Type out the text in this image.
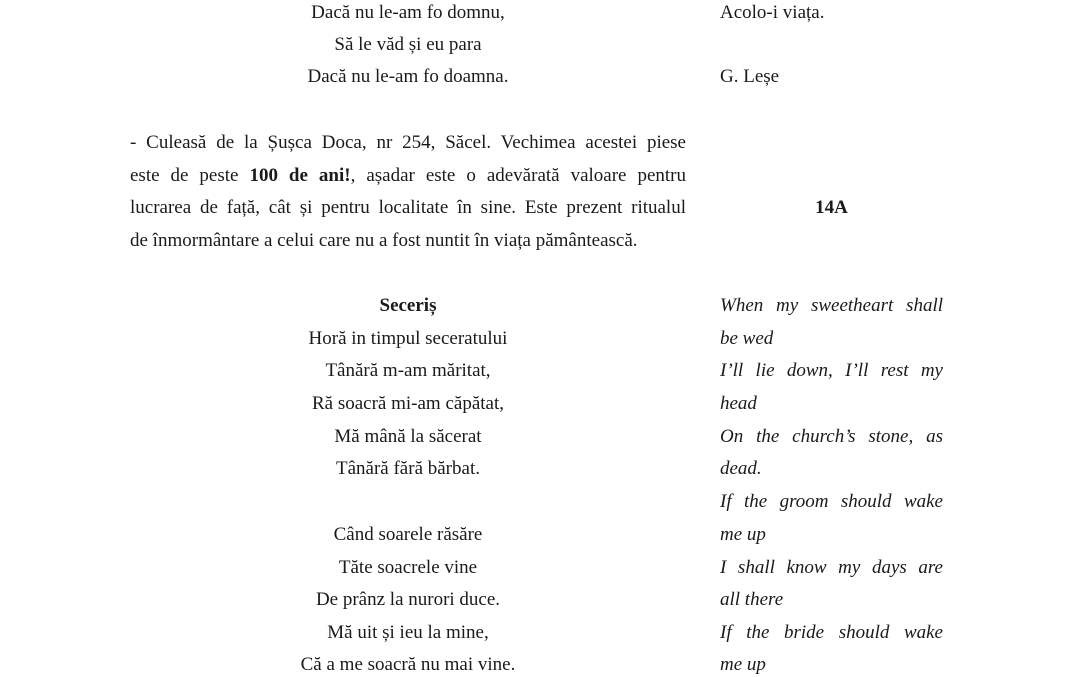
Dacă nu le-am fo domnu,
Să le văd și eu para
Dacă nu le-am fo doamna.
- Culeasă de la Șușca Doca, nr 254, Săcel. Vechimea acestei piese
este de peste 100 de ani!, așadar este o adevărată valoare pentru
lucrarea de față, cât și pentru localitate în sine. Este prezent ritualul
de înmormântare a celui care nu a fost nuntit în viața pământească.
Seceriș
Horă in timpul seceratului
Tânără m-am măritat,
Ră soacră mi-am căpătat,
Mă mână la săcerat
Tânără fără bărbat.
Când soarele răsăre
Tăte soacrele vine
De prânz la nurori duce.
Mă uit și ieu la mine,
Că a me soacră nu mai vine.
Acolo-i viața.
G. Leșe
14A
When my sweetheart shall
be wed
I’ll lie down, I’ll rest my
head
On the church’s stone, as
dead.
If the groom should wake
me up
I shall know my days are
all there
If the bride should wake
me up
